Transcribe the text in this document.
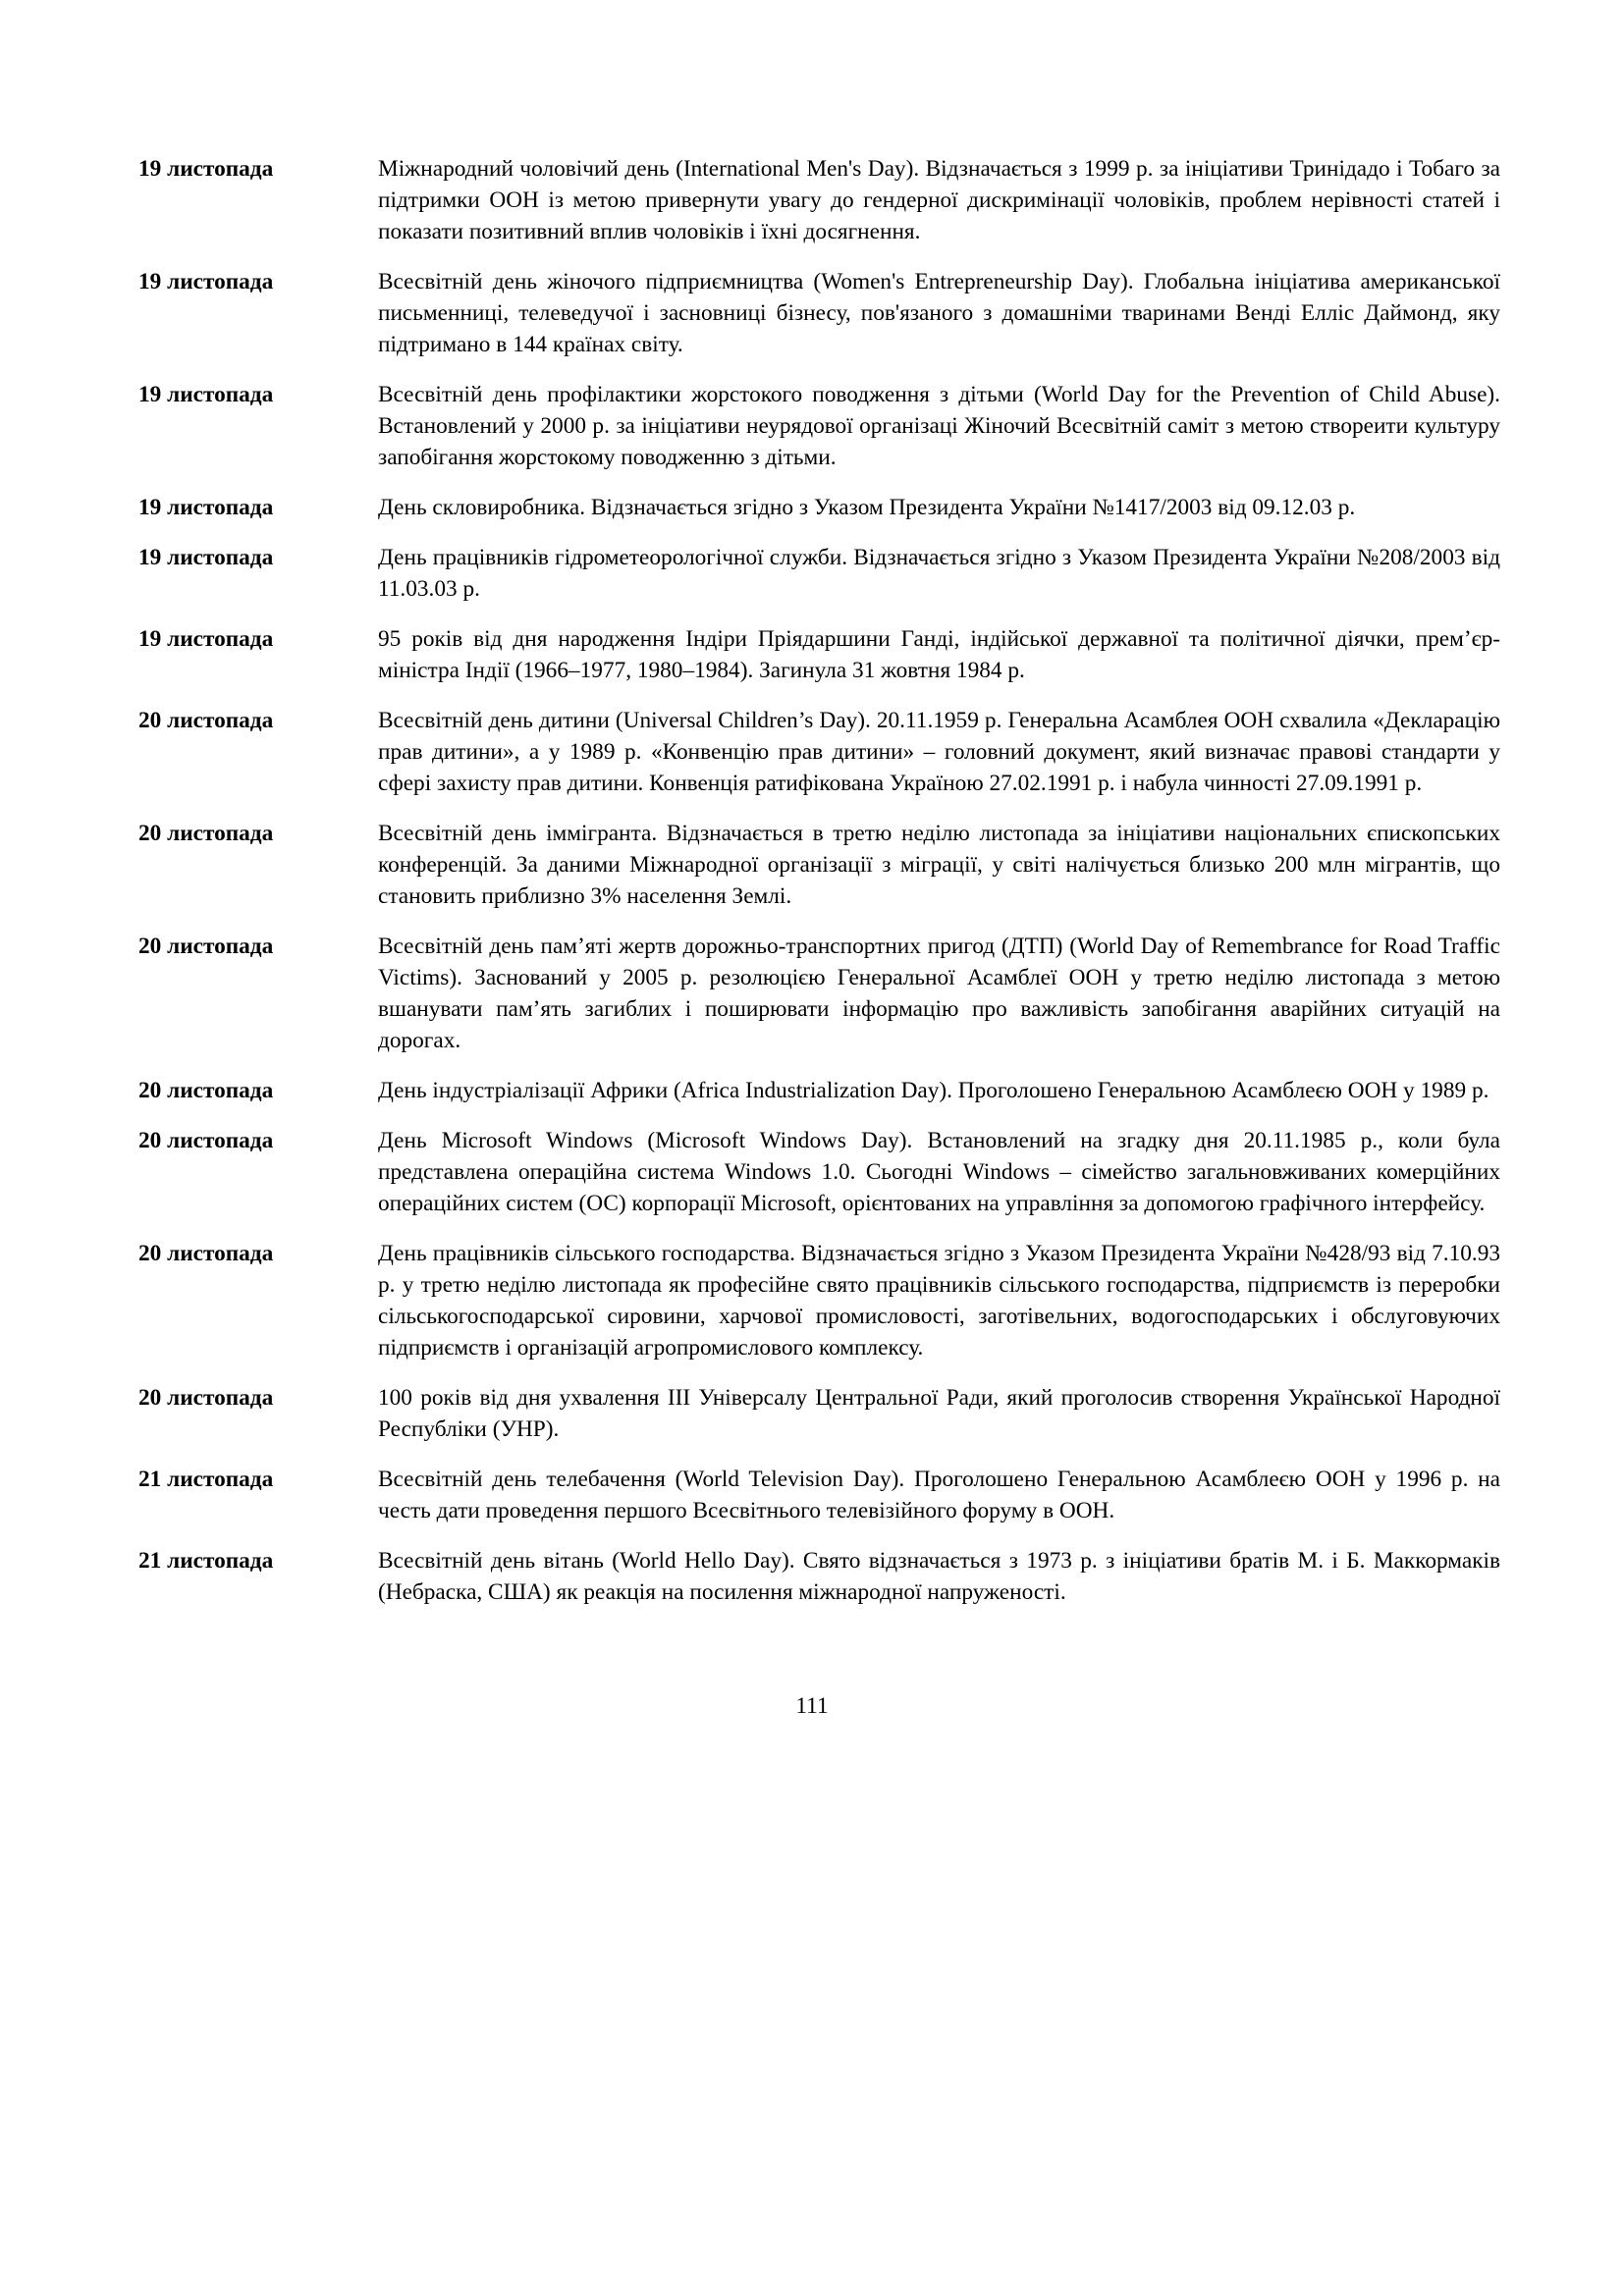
19 листопада	Міжнародний чоловічий день (International Men's Day). Відзначається з 1999 р. за ініціативи Тринідадо і Тобаго за підтримки ООН із метою привернути увагу до гендерної дискримінації чоловіків, проблем нерівності статей і показати позитивний вплив чоловіків і їхні досягнення.
19 листопада	Всесвітній день жіночого підприємництва (Women's Entrepreneurship Day). Глобальна ініціатива американської письменниці, телеведучої і засновниці бізнесу, пов'язаного з домашніми тваринами Венді Елліс Даймонд, яку підтримано в 144 країнах світу.
19 листопада	Всесвітній день профілактики жорстокого поводження з дітьми (World Day for the Prevention of Child Abuse). Встановлений у 2000 р. за ініціативи неурядової організаці Жіночий Всесвітній саміт з метою створеити культуру запобігання жорстокому поводженню з дітьми.
19 листопада	День скловиробника. Відзначається згідно з Указом Президента України №1417/2003 від 09.12.03 р.
19 листопада	День працівників гідрометеорологічної служби. Відзначається згідно з Указом Президента України №208/2003 від 11.03.03 р.
19 листопада	95 років від дня народження Індіри Пріядаршини Ганді, індійської державної та політичної діячки, прем’єр-міністра Індії (1966–1977, 1980–1984). Загинула 31 жовтня 1984 р.
20 листопада	Всесвітній день дитини (Universal Children’s Day). 20.11.1959 р. Генеральна Асамблея ООН схвалила «Декларацію прав дитини», а у 1989 р. «Конвенцію прав дитини» – головний документ, який визначає правові стандарти у сфері захисту прав дитини. Конвенція ратифікована Україною 27.02.1991 р. і набула чинності 27.09.1991 р.
20 листопада	Всесвітній день іммігранта. Відзначається в третю неділю листопада за ініціативи національних єпископських конференцій. За даними Міжнародної організації з міграції, у світі налічується близько 200 млн мігрантів, що становить приблизно 3% населення Землі.
20 листопада	Всесвітній день пам’яті жертв дорожньо-транспортних пригод (ДТП) (World Day of Remembrance for Road Traffic Victims). Заснований у 2005 р. резолюцією Генеральної Асамблеї ООН у третю неділю листопада з метою вшанувати пам’ять загиблих і поширювати інформацію про важливість запобігання аварійних ситуацій на дорогах.
20 листопада	День індустріалізації Африки (Africa Industrialization Day). Проголошено Генеральною Асамблеєю ООН у 1989 р.
20 листопада	День Microsoft Windows (Microsoft Windows Day). Встановлений на згадку дня 20.11.1985 р., коли була представлена операційна система Windows 1.0. Сьогодні Windows – сімейство загальновживаних комерційних операційних систем (ОС) корпорації Microsoft, орієнтованих на управління за допомогою графічного інтерфейсу.
20 листопада	День працівників сільського господарства. Відзначається згідно з Указом Президента України №428/93 від 7.10.93 р. у третю неділю листопада як професійне свято працівників сільського господарства, підприємств із переробки сільськогосподарської сировини, харчової промисловості, заготівельних, водогосподарських і обслуговуючих підприємств і організацій агропромислового комплексу.
20 листопада	100 років від дня ухвалення ІІІ Універсалу Центральної Ради, який проголосив створення Української Народної Республіки (УНР).
21 листопада	Всесвітній день телебачення (World Television Day). Проголошено Генеральною Асамблеєю ООН у 1996 р. на честь дати проведення першого Всесвітнього телевізійного форуму в ООН.
21 листопада	Всесвітній день вітань (World Hello Day). Свято відзначається з 1973 р. з ініціативи братів М. і Б. Маккормаків (Небраска, США) як реакція на посилення міжнародної напруженості.
111
